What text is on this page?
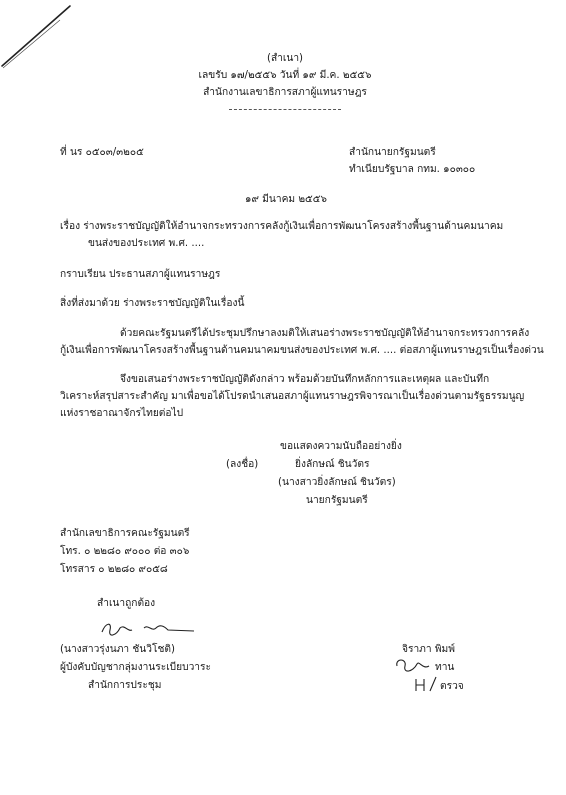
(สำเนา)
เลขรับ ๑๗/๒๕๕๖ วันที่ ๑๙ มี.ค. ๒๕๕๖
สำนักงานเลขาธิการสภาผู้แทนราษฎร
ที่ นร ๐๕๐๓/๓๒๐๕	สำนักนายกรัฐมนตรี
ทำเนียบรัฐบาล กทม. ๑๐๓๐๐
๑๙ มีนาคม ๒๕๕๖
เรื่อง ร่างพระราชบัญญัติให้อำนาจกระทรวงการคลังกู้เงินเพื่อการพัฒนาโครงสร้างพื้นฐานด้านคมนาคม
ขนส่งของประเทศ พ.ศ. ....
กราบเรียน ประธานสภาผู้แทนราษฎร
สิ่งที่ส่งมาด้วย ร่างพระราชบัญญัติในเรื่องนี้
ด้วยคณะรัฐมนตรีได้ประชุมปรึกษาลงมติให้เสนอร่างพระราชบัญญัติให้อำนาจกระทรวงการคลัง
กู้เงินเพื่อการพัฒนาโครงสร้างพื้นฐานด้านคมนาคมขนส่งของประเทศ พ.ศ. .... ต่อสภาผู้แทนราษฎรเป็นเรื่องด่วน
จึงขอเสนอร่างพระราชบัญญัติดังกล่าว พร้อมด้วยบันทึกหลักการและเหตุผล และบันทึก
วิเคราะห์สรุปสาระสำคัญ มาเพื่อขอได้โปรดนำเสนอสภาผู้แทนราษฎรพิจารณาเป็นเรื่องด่วนตามรัฐธรรมนูญ
แห่งราชอาณาจักรไทยต่อไป
ขอแสดงความนับถืออย่างยิ่ง
(ลงชื่อ)	ยิ่งลักษณ์ ชินวัตร
(นางสาวยิ่งลักษณ์ ชินวัตร)
นายกรัฐมนตรี
สำนักเลขาธิการคณะรัฐมนตรี
โทร. ๐ ๒๒๘๐ ๙๐๐๐ ต่อ ๓๐๖
โทรสาร ๐ ๒๒๘๐ ๙๐๕๘
สำเนาถูกต้อง
(นางสาวรุ่งนภา ชันวิโชติ)
ผู้บังคับบัญชากลุ่มงานระเบียบวาระ
สำนักการประชุม
จิราภา พิมพ์
ทาน
ตรวจ
